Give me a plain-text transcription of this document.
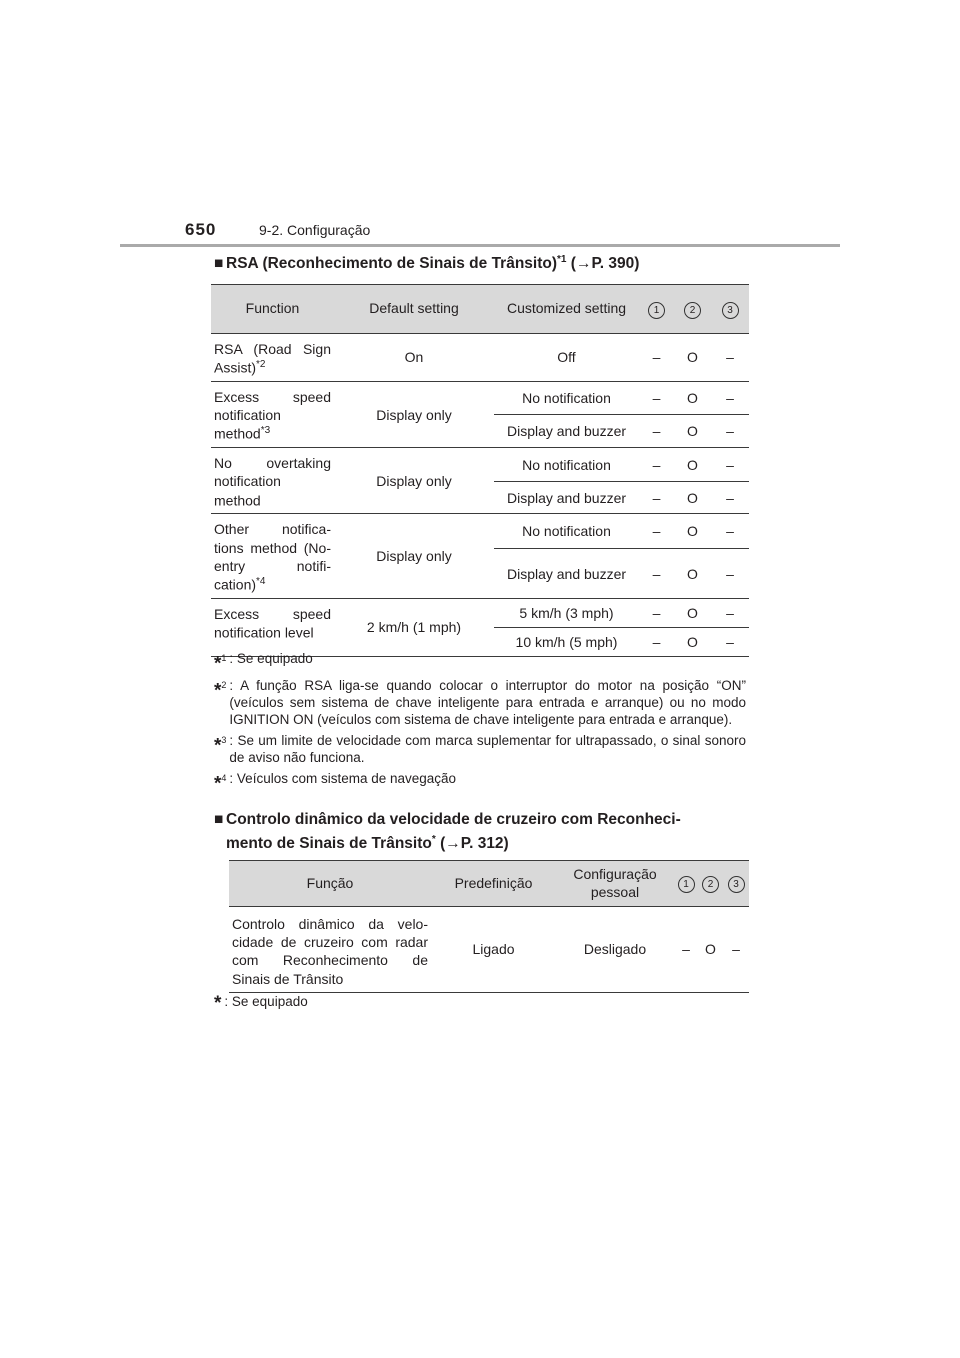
650	9-2. Configuração
■ RSA (Reconhecimento de Sinais de Trânsito)$^{*1}$ (→P. 390)
Function	Default setting	Customized setting	1	2	3
RSA (Road Sign Assist)$^{*2}$	On	Off	–	O	–
Excess speed notification method$^{*3}$	Display only	No notification	–	O	–
		Display and buzzer	–	O	–
No overtaking notification method	Display only	No notification	–	O	–
		Display and buzzer	–	O	–
Other notifica-tions method (No-entry notifi-cation)$^{*4}$	Display only	No notification	–	O	–
		Display and buzzer	–	O	–
Excess speed notification level	2 km/h (1 mph)	5 km/h (3 mph)	–	O	–
		10 km/h (5 mph)	–	O	–
*$^1$ : Se equipado
*$^2$ : A função RSA liga-se quando colocar o interruptor do motor na posição “ON” (veículos sem sistema de chave inteligente para entrada e arranque) ou no modo IGNITION ON (veículos com sistema de chave inteligente para entrada e arranque).
*$^3$ : Se um limite de velocidade com marca suplementar for ultrapassado, o sinal sonoro de aviso não funciona.
*$^4$ : Veículos com sistema de navegação
■ Controlo dinâmico da velocidade de cruzeiro com Reconheci-
mento de Sinais de Trânsito* (→P. 312)
Função	Predefinição	Configuração pessoal	1	2	3
Controlo dinâmico da velo-cidade de cruzeiro com radar com Reconhecimento de Sinais de Trânsito	Ligado	Desligado	–	O	–
* : Se equipado
